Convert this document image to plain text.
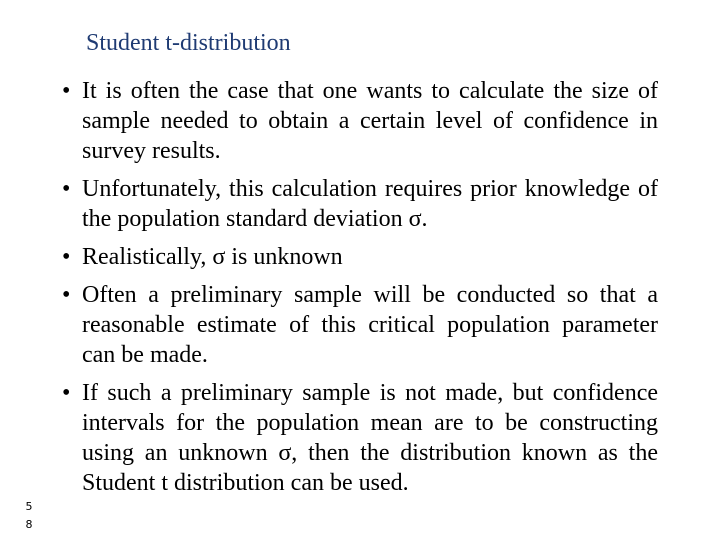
Student t-distribution
• It is often the case that one wants to calculate the size of sample needed to obtain a certain level of confidence in survey results.
• Unfortunately, this calculation requires prior knowledge of the population standard deviation σ.
• Realistically, σ is unknown
• Often a preliminary sample will be conducted so that a reasonable estimate of this critical population parameter can be made.
• If such a preliminary sample is not made, but confidence intervals for the population mean are to be constructing using an unknown σ, then the distribution known as the Student t distribution can be used.
58
